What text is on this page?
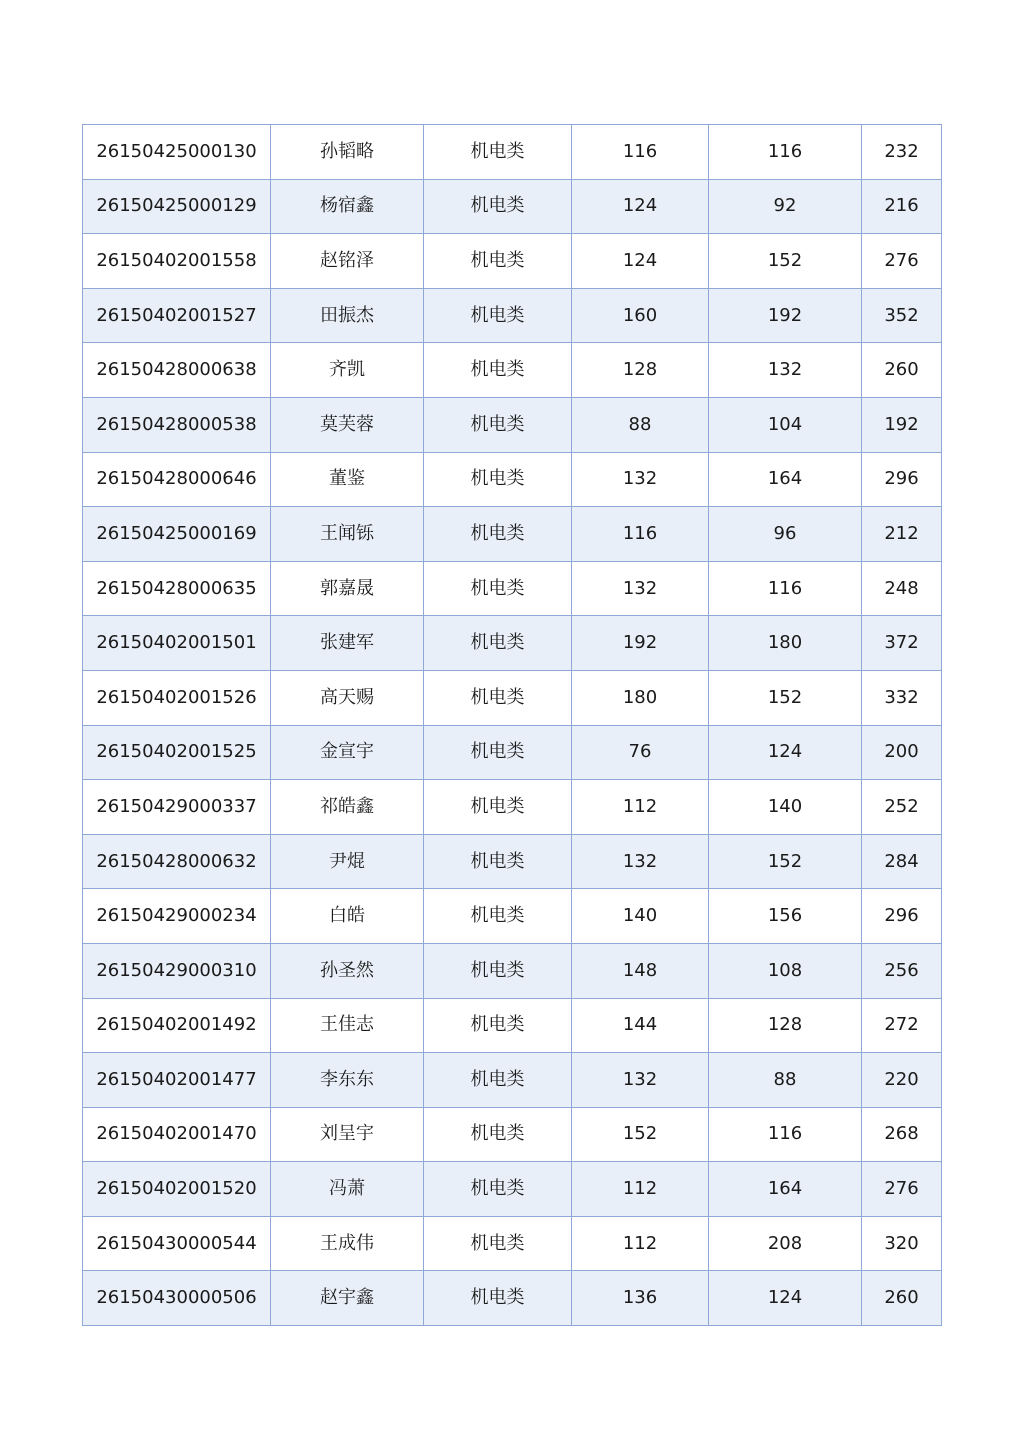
26150425000130	孙韬略	机电类	116	116	232
26150425000129	杨宿鑫	机电类	124	92	216
26150402001558	赵铭泽	机电类	124	152	276
26150402001527	田振杰	机电类	160	192	352
26150428000638	齐凯	机电类	128	132	260
26150428000538	莫芙蓉	机电类	88	104	192
26150428000646	董鉴	机电类	132	164	296
26150425000169	王闻铄	机电类	116	96	212
26150428000635	郭嘉晟	机电类	132	116	248
26150402001501	张建军	机电类	192	180	372
26150402001526	高天赐	机电类	180	152	332
26150402001525	金宣宇	机电类	76	124	200
26150429000337	祁皓鑫	机电类	112	140	252
26150428000632	尹焜	机电类	132	152	284
26150429000234	白皓	机电类	140	156	296
26150429000310	孙圣然	机电类	148	108	256
26150402001492	王佳志	机电类	144	128	272
26150402001477	李东东	机电类	132	88	220
26150402001470	刘呈宇	机电类	152	116	268
26150402001520	冯萧	机电类	112	164	276
26150430000544	王成伟	机电类	112	208	320
26150430000506	赵宇鑫	机电类	136	124	260
